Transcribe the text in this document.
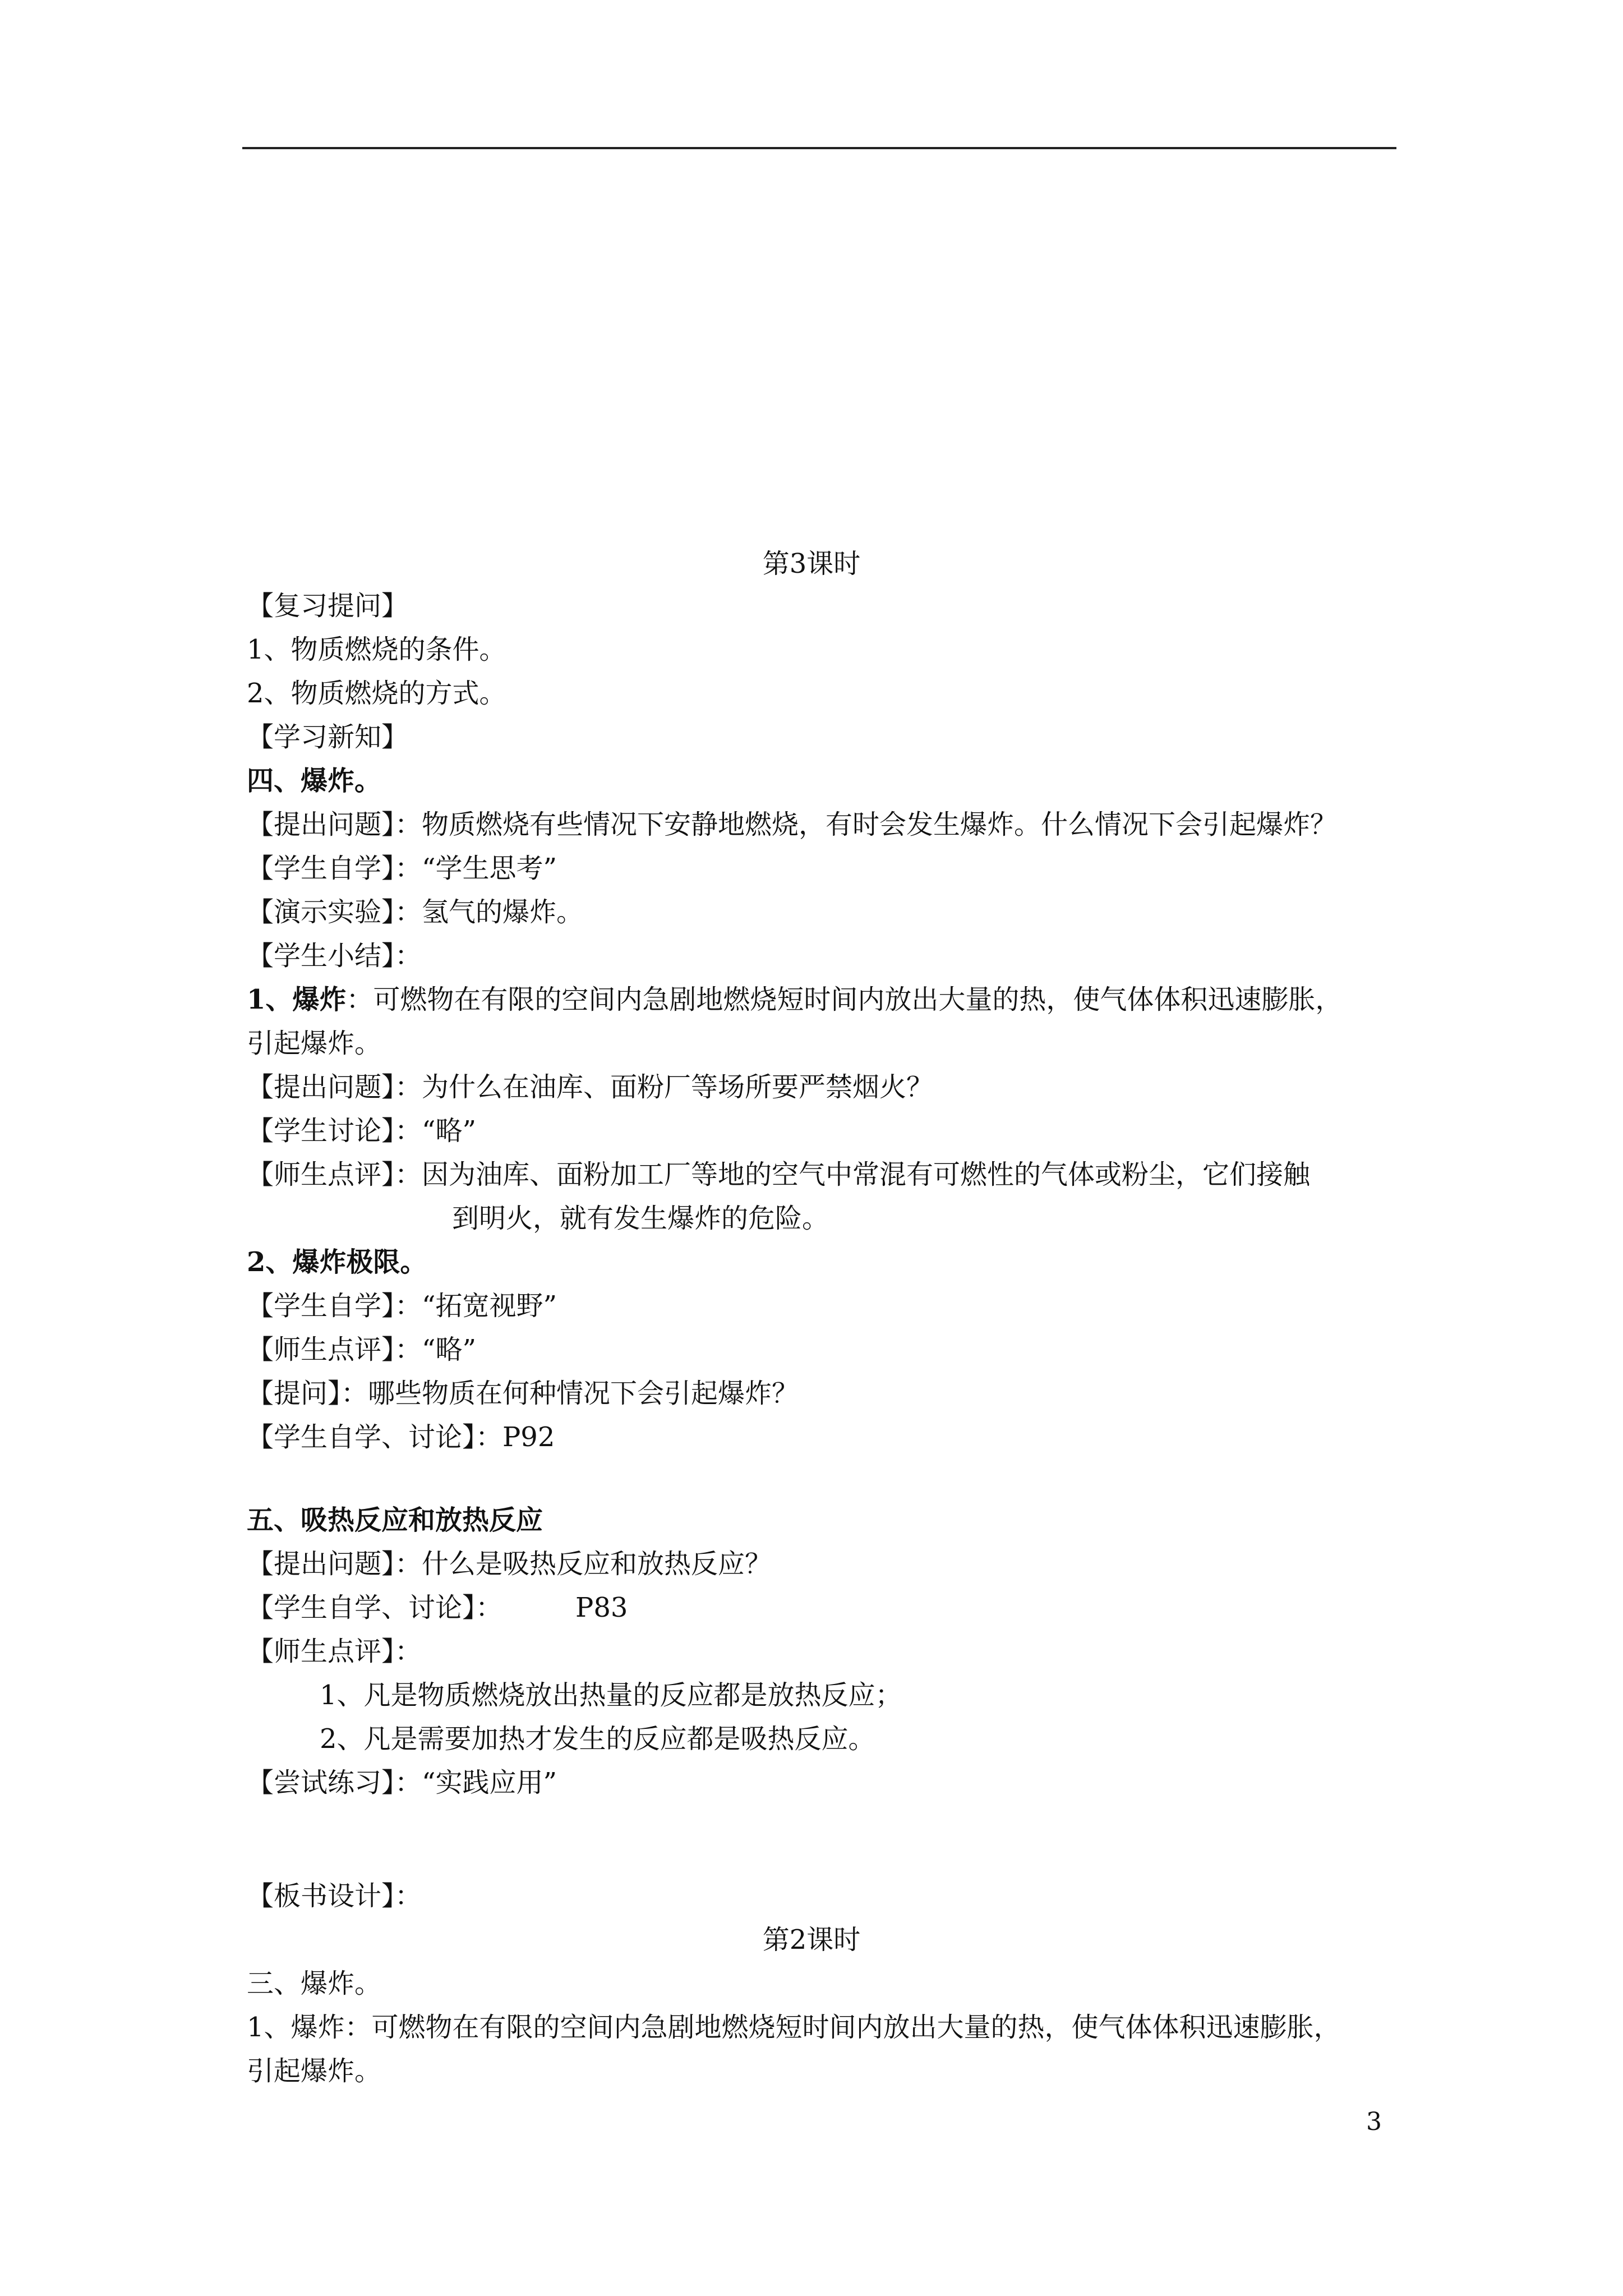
第3课时
【复习提问】
1、物质燃烧的条件。
2、物质燃烧的方式。
【学习新知】
四、爆炸。
【提出问题】：物质燃烧有些情况下安静地燃烧，有时会发生爆炸。什么情况下会引起爆炸？
【学生自学】：“学生思考”
【演示实验】：氢气的爆炸。
【学生小结】：
1、爆炸：可燃物在有限的空间内急剧地燃烧短时间内放出大量的热，使气体体积迅速膨胀，
引起爆炸。
【提出问题】：为什么在油库、面粉厂等场所要严禁烟火？
【学生讨论】：“略”
【师生点评】：因为油库、面粉加工厂等地的空气中常混有可燃性的气体或粉尘，它们接触
到明火，就有发生爆炸的危险。
2、爆炸极限。
【学生自学】：“拓宽视野”
【师生点评】：“略”
【提问】：哪些物质在何种情况下会引起爆炸？
【学生自学、讨论】：P92
五、吸热反应和放热反应
【提出问题】：什么是吸热反应和放热反应？
【学生自学、讨论】：	P83
【师生点评】：
1、凡是物质燃烧放出热量的反应都是放热反应；
2、凡是需要加热才发生的反应都是吸热反应。
【尝试练习】：“实践应用”
【板书设计】：
第2课时
三、爆炸。
1、爆炸：可燃物在有限的空间内急剧地燃烧短时间内放出大量的热，使气体体积迅速膨胀，
引起爆炸。
3
